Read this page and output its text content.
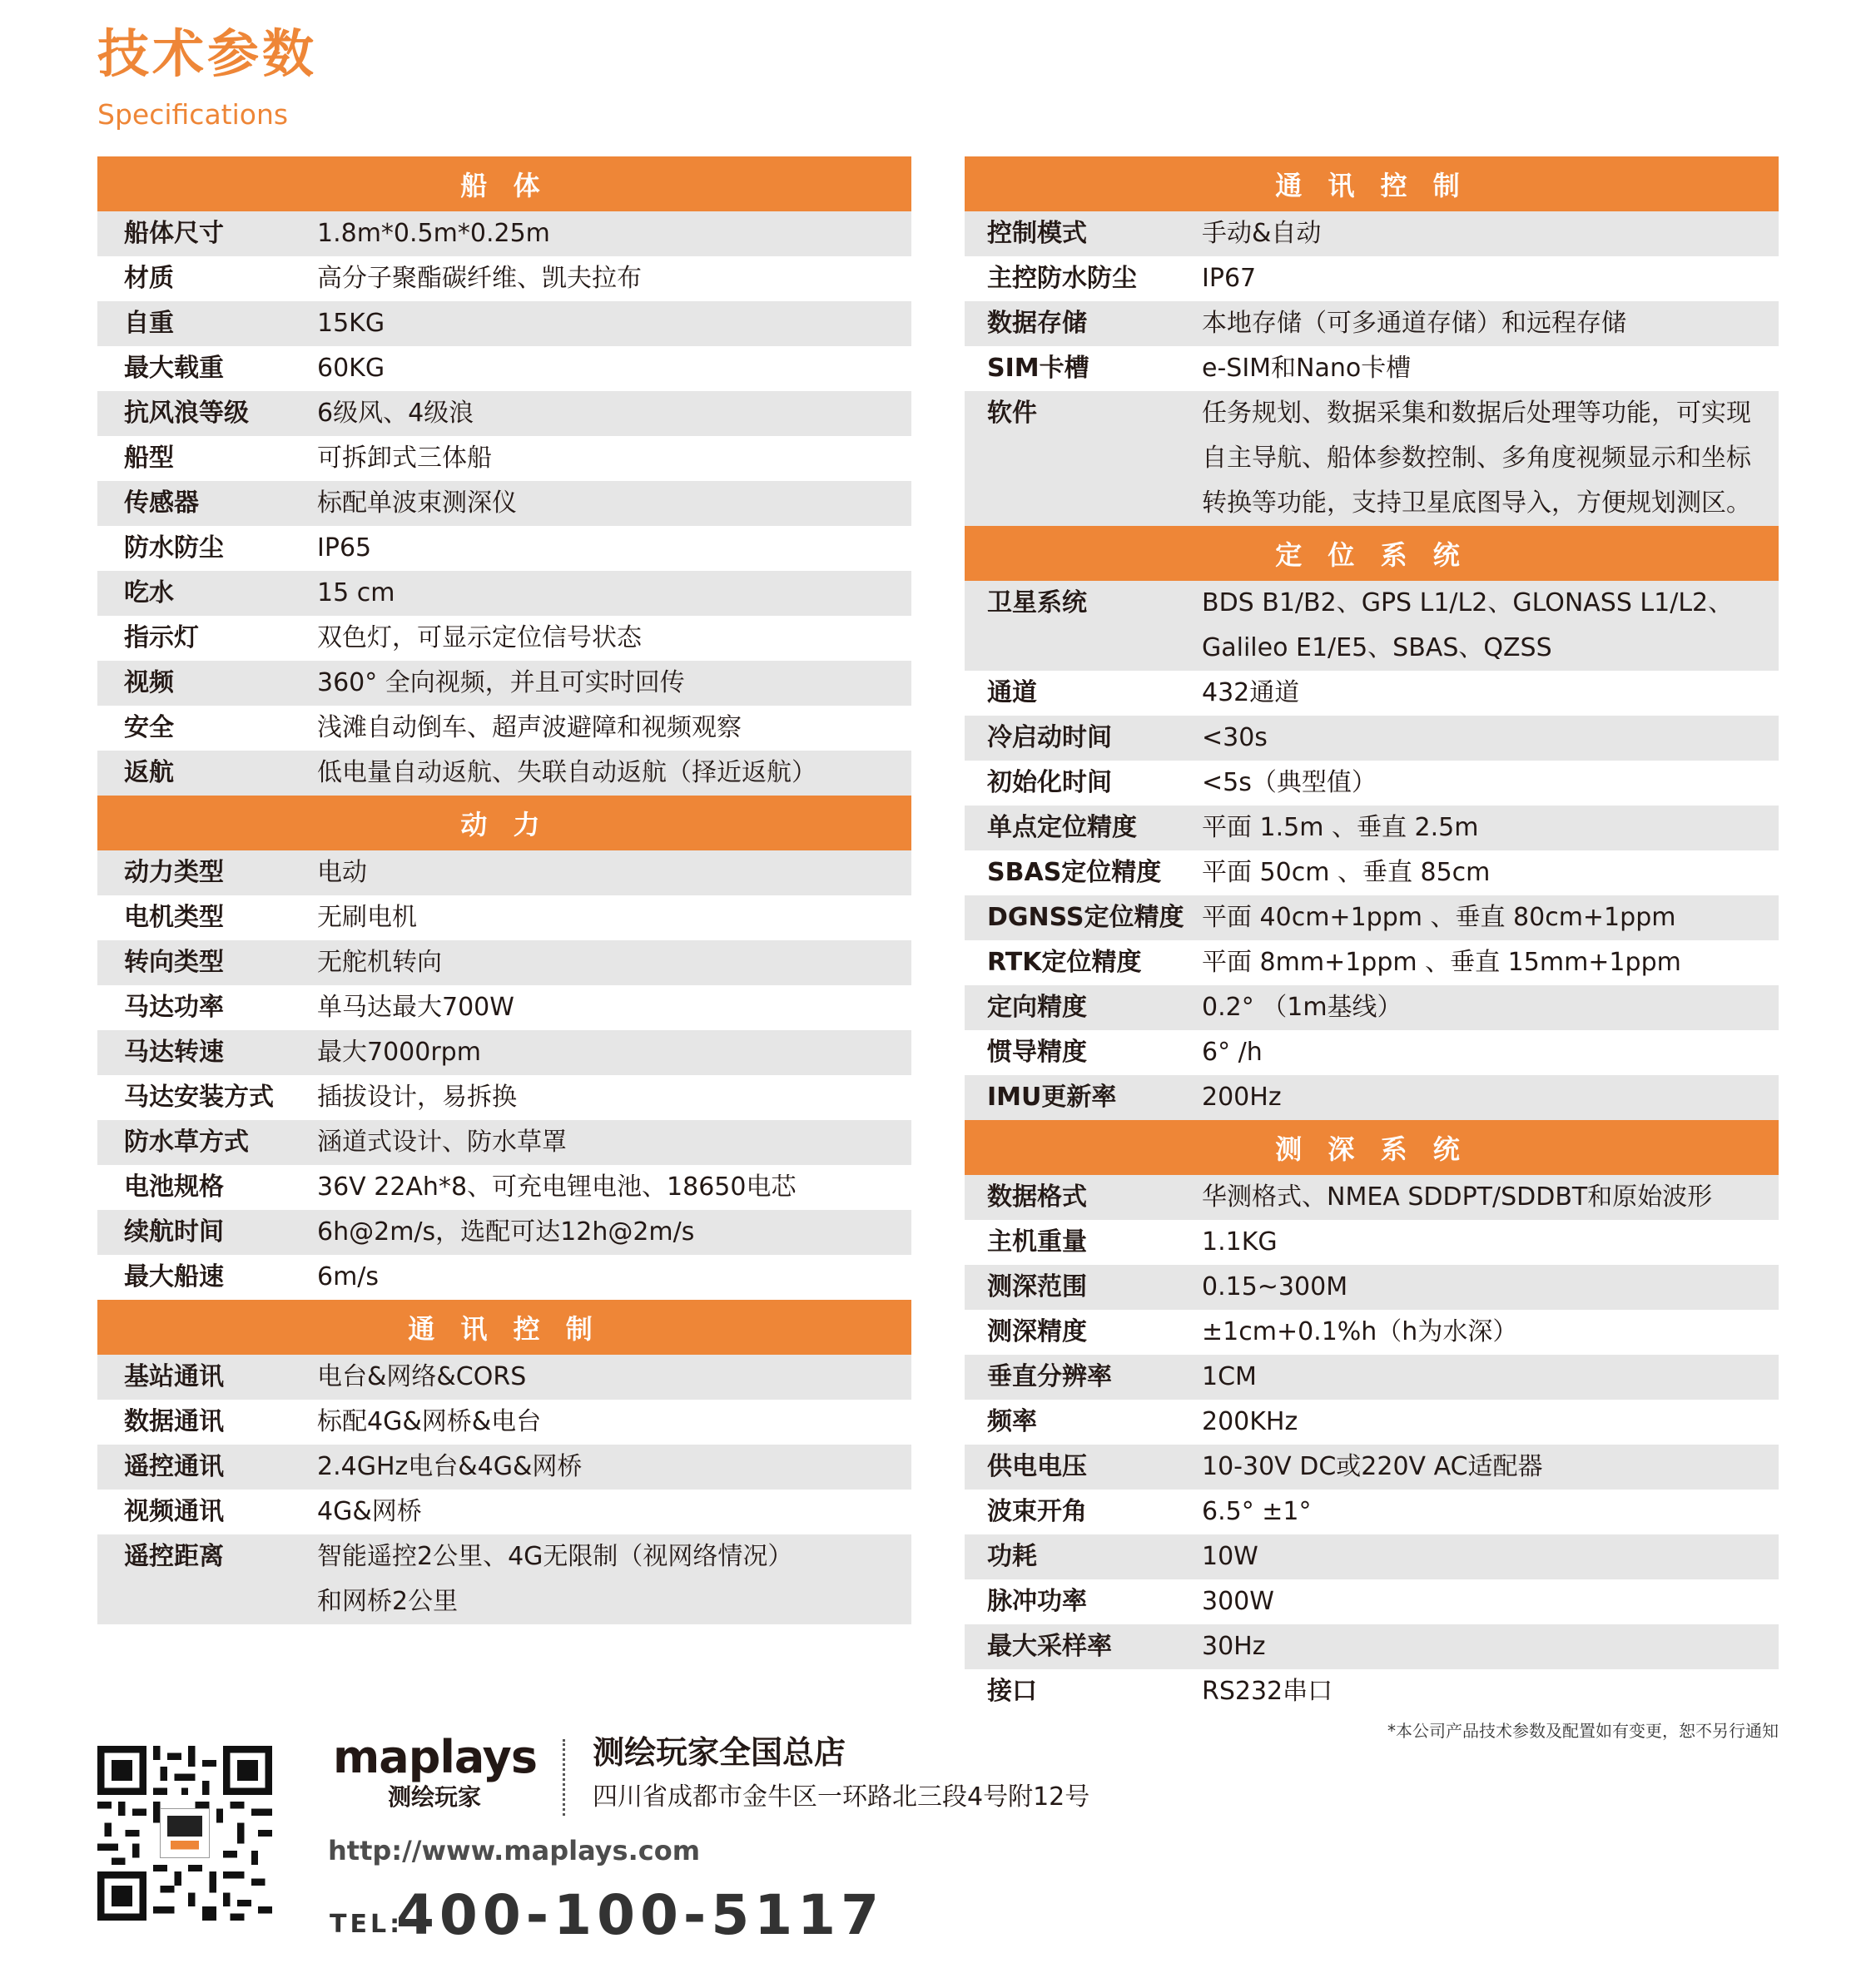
技术参数
Specifications
船 体
船体尺寸	1.8m*0.5m*0.25m
材质	高分子聚酯碳纤维、凯夫拉布
自重	15KG
最大载重	60KG
抗风浪等级	6级风、4级浪
船型	可拆卸式三体船
传感器	标配单波束测深仪
防水防尘	IP65
吃水	15 cm
指示灯	双色灯，可显示定位信号状态
视频	360° 全向视频，并且可实时回传
安全	浅滩自动倒车、超声波避障和视频观察
返航	低电量自动返航、失联自动返航（择近返航）
动 力
动力类型	电动
电机类型	无刷电机
转向类型	无舵机转向
马达功率	单马达最大700W
马达转速	最大7000rpm
马达安装方式	插拔设计，易拆换
防水草方式	涵道式设计、防水草罩
电池规格	36V 22Ah*8、可充电锂电池、18650电芯
续航时间	6h@2m/s，选配可达12h@2m/s
最大船速	6m/s
通 讯 控 制
基站通讯	电台&网络&CORS
数据通讯	标配4G&网桥&电台
遥控通讯	2.4GHz电台&4G&网桥
视频通讯	4G&网桥
遥控距离	智能遥控2公里、4G无限制（视网络情况）
和网桥2公里
通 讯 控 制
控制模式	手动&自动
主控防水防尘	IP67
数据存储	本地存储（可多通道存储）和远程存储
SIM卡槽	e-SIM和Nano卡槽
软件	任务规划、数据采集和数据后处理等功能，可实现
自主导航、船体参数控制、多角度视频显示和坐标
转换等功能，支持卫星底图导入，方便规划测区。
定 位 系 统
卫星系统	BDS B1/B2、GPS L1/L2、GLONASS L1/L2、
Galileo E1/E5、SBAS、QZSS
通道	432通道
冷启动时间	<30s
初始化时间	<5s（典型值）
单点定位精度	平面 1.5m 、垂直 2.5m
SBAS定位精度	平面 50cm 、垂直 85cm
DGNSS定位精度 平面 40cm+1ppm 、垂直 80cm+1ppm
RTK定位精度	平面 8mm+1ppm 、垂直 15mm+1ppm
定向精度	0.2° （1m基线）
惯导精度	6° /h
IMU更新率	200Hz
测 深 系 统
数据格式	华测格式、NMEA SDDPT/SDDBT和原始波形
主机重量	1.1KG
测深范围	0.15~300M
测深精度	±1cm+0.1%h（h为水深）
垂直分辨率	1CM
频率	200KHz
供电电压	10-30V DC或220V AC适配器
波束开角	6.5° ±1°
功耗	10W
脉冲功率	300W
最大采样率	30Hz
接口	RS232串口
*本公司产品技术参数及配置如有变更，恕不另行通知
maplays
测绘玩家
测绘玩家全国总店
四川省成都市金牛区一环路北三段4号附12号
http://www.maplays.com
TEL:
400-100-5117
